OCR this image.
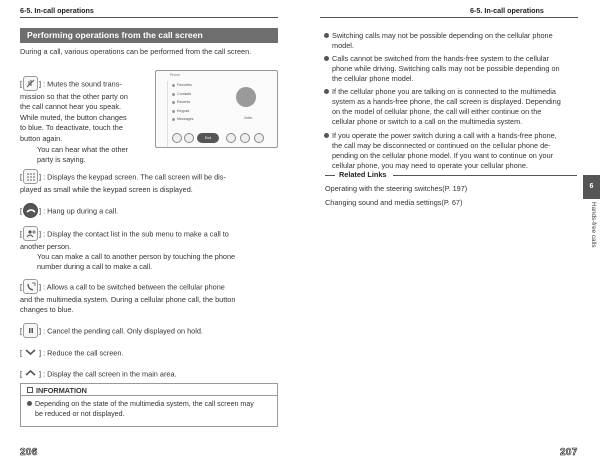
6-5. In-call operations
Performing operations from the call screen
During a call, various operations can be performed from the call screen.
[ ] : Mutes the sound trans-
mission so that the other party on
the call cannot hear you speak.
While muted, the button changes
to blue. To deactivate, touch the
button again.
You can hear what the other
party is saying.
Phone
Favorites
Contacts
Recents
Keypad
Messages	John
End
[ ] : Displays the keypad screen. The call screen will be dis-
played as small while the keypad screen is displayed.
[ ] : Hang up during a call.
[ ] : Display the contact list in the sub menu to make a call to
another person.
You can make a call to another person by touching the phone
number during a call to make a call.
[ ] : Allows a call to be switched between the cellular phone
and the multimedia system. During a cellular phone call, the button
changes to blue.
[ ] : Cancel the pending call. Only displayed on hold.
[ ] : Reduce the call screen.
[ ] : Display the call screen in the main area.
INFORMATION
Depending on the state of the multimedia system, the call screen may
be reduced or not displayed.
206
6-5. In-call operations
Switching calls may not be possible depending on the cellular phone
model.
Calls cannot be switched from the hands-free system to the cellular
phone while driving. Switching calls may not be possible depending on
the cellular phone model.
If the cellular phone you are talking on is connected to the multimedia
system as a hands-free phone, the call screen is displayed. Depending
on the model of cellular phone, the call will either continue on the
cellular phone or switch to a call on the multimedia system.
If you operate the power switch during a call with a hands-free phone,
the call may be disconnected or continued on the cellular phone de-
pending on the cellular phone model. If you want to continue on your
cellular phone, you may need to operate your cellular phone.
Related Links
Operating with the steering switches(P. 197)
Changing sound and media settings(P. 67)
6
Hands-free calls
207
